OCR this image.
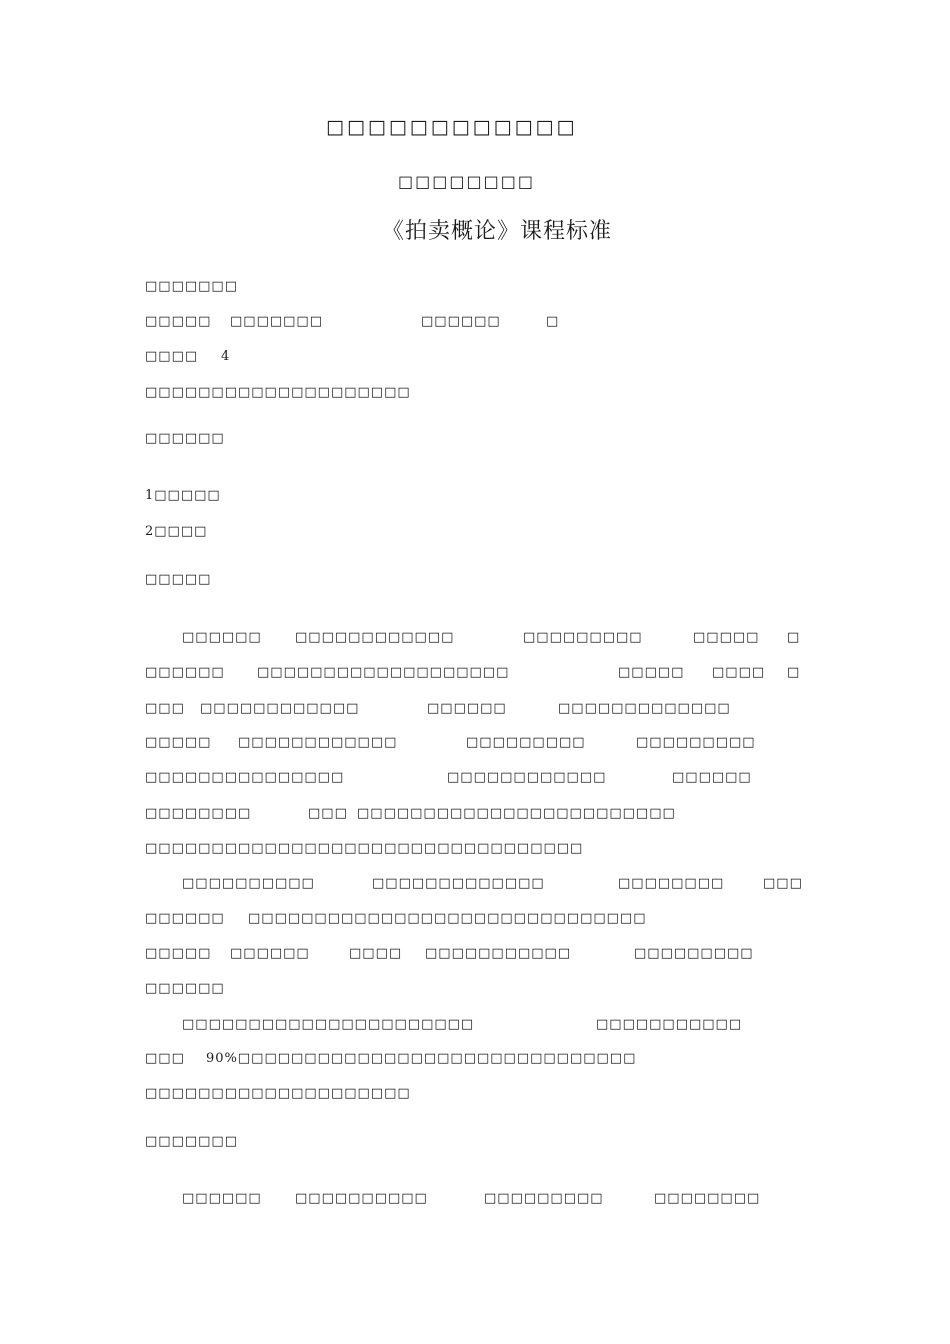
□□□□□□□□□□□□
□□□□□□□□
《拍卖概论》课程标准
□□□□□□□
□□□□□ □□□□□□□	□□□□□□	□
□□□□ 4
□□□□□□□□□□□□□□□□□□□□
□□□□□□
1□□□□□
2□□□□
□□□□□
□□□□□□	□□□□□□□□□□□□	□□□□□□□□□	□□□□□ □
□□□□□□ □□□□□□□□□□□□□□□□□□□	□□□□□ □□□□ □
□□□ □□□□□□□□□□□□	□□□□□□	□□□□□□□□□□□□□
□□□□□ □□□□□□□□□□□□	□□□□□□□□□	□□□□□□□□□
□□□□□□□□□□□□□□□	□□□□□□□□□□□□	□□□□□□
□□□□□□□□	□□□ □□□□□□□□□□□□□□□□□□□□□□□□
□□□□□□□□□□□□□□□□□□□□□□□□□□□□□□□□□
□□□□□□□□□□	□□□□□□□□□□□□□	□□□□□□□□	□□□
□□□□□□ □□□□□□□□□□□□□□□□□□□□□□□□□□□□□□
□□□□□ □□□□□□	□□□□ □□□□□□□□□□□	□□□□□□□□□
□□□□□□
□□□□□□□□□□□□□□□□□□□□□□	□□□□□□□□□□□
□□□ 90%□□□□□□□□□□□□□□□□□□□□□□□□□□□□□□
□□□□□□□□□□□□□□□□□□□□
□□□□□□□
□□□□□□	□□□□□□□□□□	□□□□□□□□□	□□□□□□□□
